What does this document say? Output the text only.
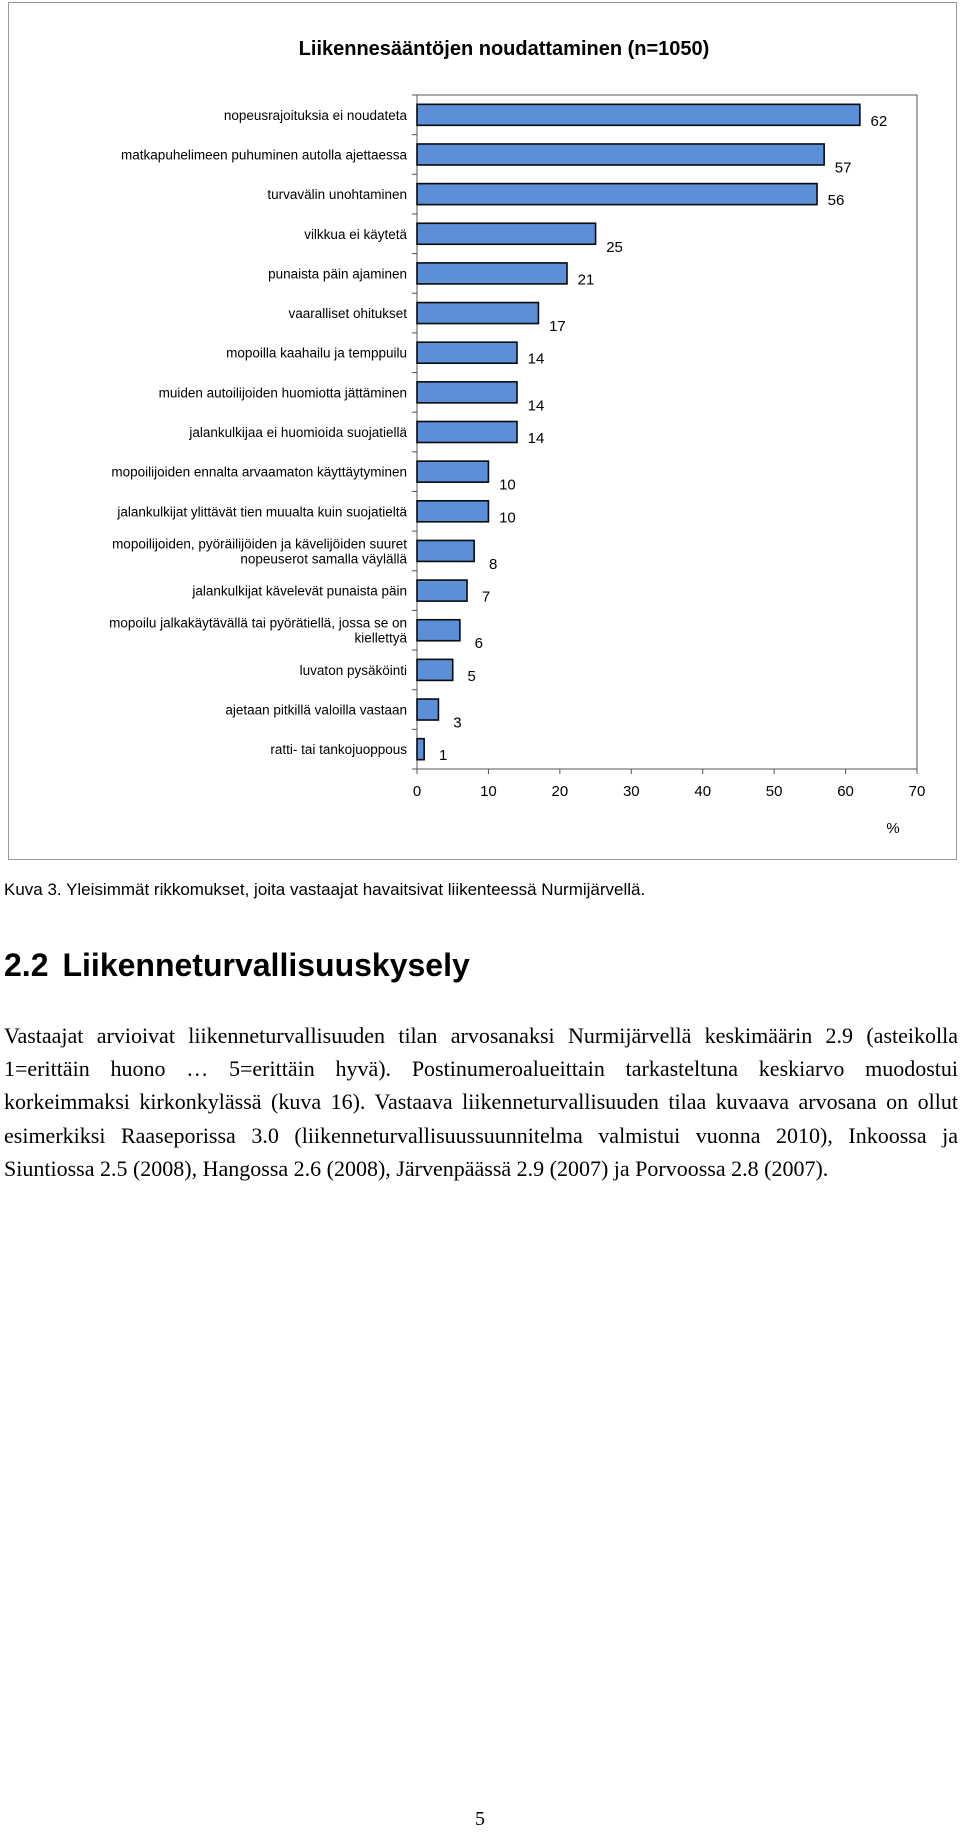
Liikennesääntöjen noudattaminen (n=1050)
62
nopeusrajoituksia ei noudateta
57
matkapuhelimeen puhuminen autolla ajettaessa
56
turvavälin unohtaminen
25
vilkkua ei käytetä
21
punaista päin ajaminen
17
vaaralliset ohitukset
14
mopoilla kaahailu ja temppuilu
14
muiden autoilijoiden huomiotta jättäminen
14
jalankulkijaa ei huomioida suojatiellä
10
mopoilijoiden ennalta arvaamaton käyttäytyminen
10
jalankulkijat ylittävät tien muualta kuin suojatieltä
8
mopoilijoiden, pyöräilijöiden ja kävelijöiden suuret
nopeuserot samalla väylällä
7
jalankulkijat kävelevät punaista päin
6
mopoilu jalkakäytävällä tai pyörätiellä, jossa se on
kiellettyä
5
luvaton pysäköinti
3
ajetaan pitkillä valoilla vastaan
1
ratti- tai tankojuoppous
0	10	20	30	40	50	60	70
%
Kuva 3. Yleisimmät rikkomukset, joita vastaajat havaitsivat liikenteessä Nurmijärvellä.
2.2 Liikenneturvallisuuskysely

Vastaajat arvioivat liikenneturvallisuuden tilan arvosanaksi Nurmijärvellä keskimäärin 2.9 (asteikolla 1=erittäin huono … 5=erittäin hyvä). Postinumeroalueittain tarkasteltuna keskiarvo muodostui korkeimmaksi kirkonkylässä (kuva 16). Vastaava liikenneturvallisuuden tilaa kuvaava arvosana on ollut esimerkiksi Raaseporissa 3.0 (liikenneturvallisuussuunnitelma valmistui vuonna 2010), Inkoossa ja Siuntiossa 2.5 (2008), Hangossa 2.6 (2008), Järvenpäässä 2.9 (2007) ja Porvoossa 2.8 (2007).

5
